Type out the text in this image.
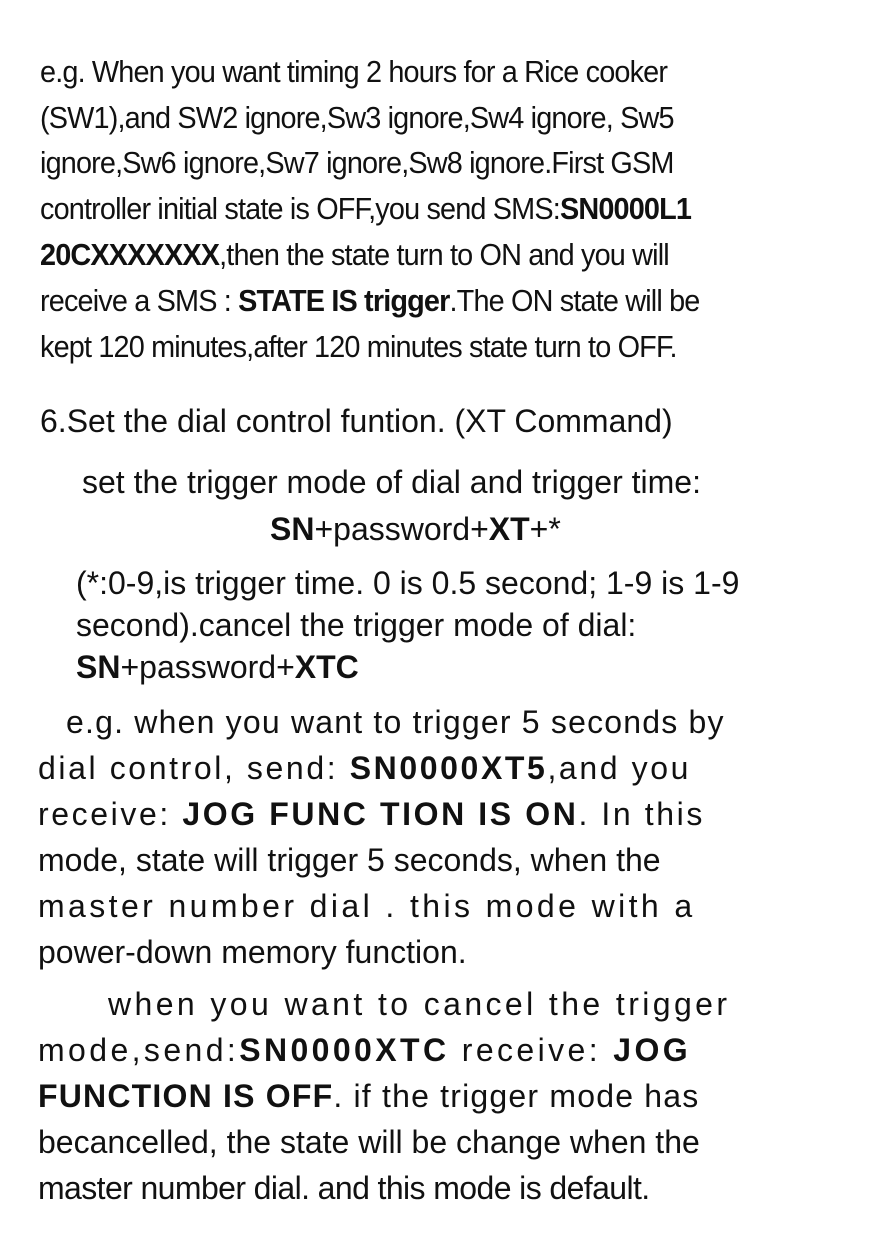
e.g. When you want timing 2 hours for a Rice cooker
(SW1),and SW2 ignore,Sw3 ignore,Sw4 ignore, Sw5
ignore,Sw6 ignore,Sw7 ignore,Sw8 ignore.First GSM
controller initial state is OFF,you send SMS:SN0000L1
20CXXXXXXX,then the state turn to ON and you will
receive a SMS : STATE IS trigger.The ON state will be
kept 120 minutes,after 120 minutes state turn to OFF.
6.Set the dial control funtion. (XT Command)
set the trigger mode of dial and trigger time:
SN+password+XT+*
(*:0-9,is trigger time. 0 is 0.5 second; 1-9 is 1-9
second).cancel the trigger mode of dial:
SN+password+XTC
e.g. when you want to trigger 5 seconds by
dial control, send: SN0000XT5,and you
receive: JOG FUNC TION IS ON. In this
mode, state will trigger 5 seconds, when the
master number dial . this mode with a
power-down memory function.
when you want to cancel the trigger
mode,send:SN0000XTC receive: JOG
FUNCTION IS OFF. if the trigger mode has
becancelled, the state will be change when the
master number dial. and this mode is default.
